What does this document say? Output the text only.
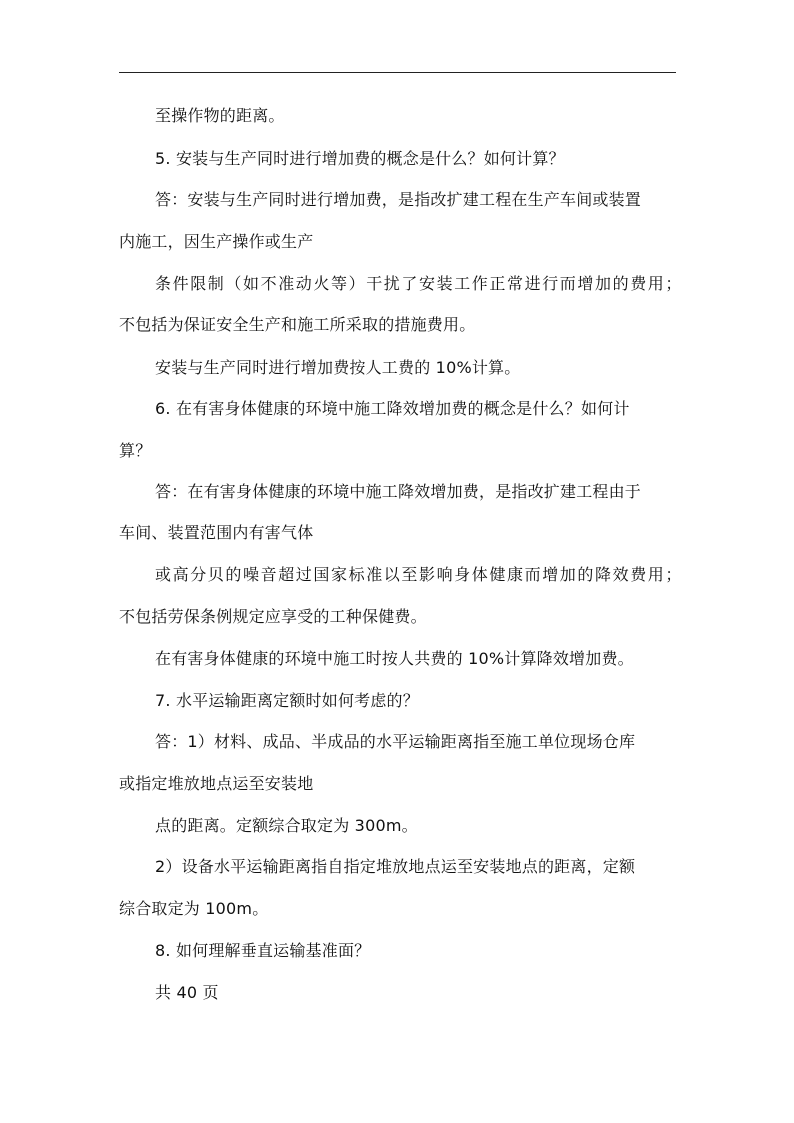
至操作物的距离。
5. 安装与生产同时进行增加费的概念是什么？如何计算？
答：安装与生产同时进行增加费，是指改扩建工程在生产车间或装置
内施工，因生产操作或生产
条件限制（如不准动火等）干扰了安装工作正常进行而增加的费用；
不包括为保证安全生产和施工所采取的措施费用。
安装与生产同时进行增加费按人工费的 10%计算。
6. 在有害身体健康的环境中施工降效增加费的概念是什么？如何计
算？
答：在有害身体健康的环境中施工降效增加费，是指改扩建工程由于
车间、装置范围内有害气体
或高分贝的噪音超过国家标准以至影响身体健康而增加的降效费用；
不包括劳保条例规定应享受的工种保健费。
在有害身体健康的环境中施工时按人共费的 10%计算降效增加费。
7. 水平运输距离定额时如何考虑的？
答：1）材料、成品、半成品的水平运输距离指至施工单位现场仓库
或指定堆放地点运至安装地
点的距离。定额综合取定为 300m。
2）设备水平运输距离指自指定堆放地点运至安装地点的距离，定额
综合取定为 100m。
8. 如何理解垂直运输基准面？
共 40 页
